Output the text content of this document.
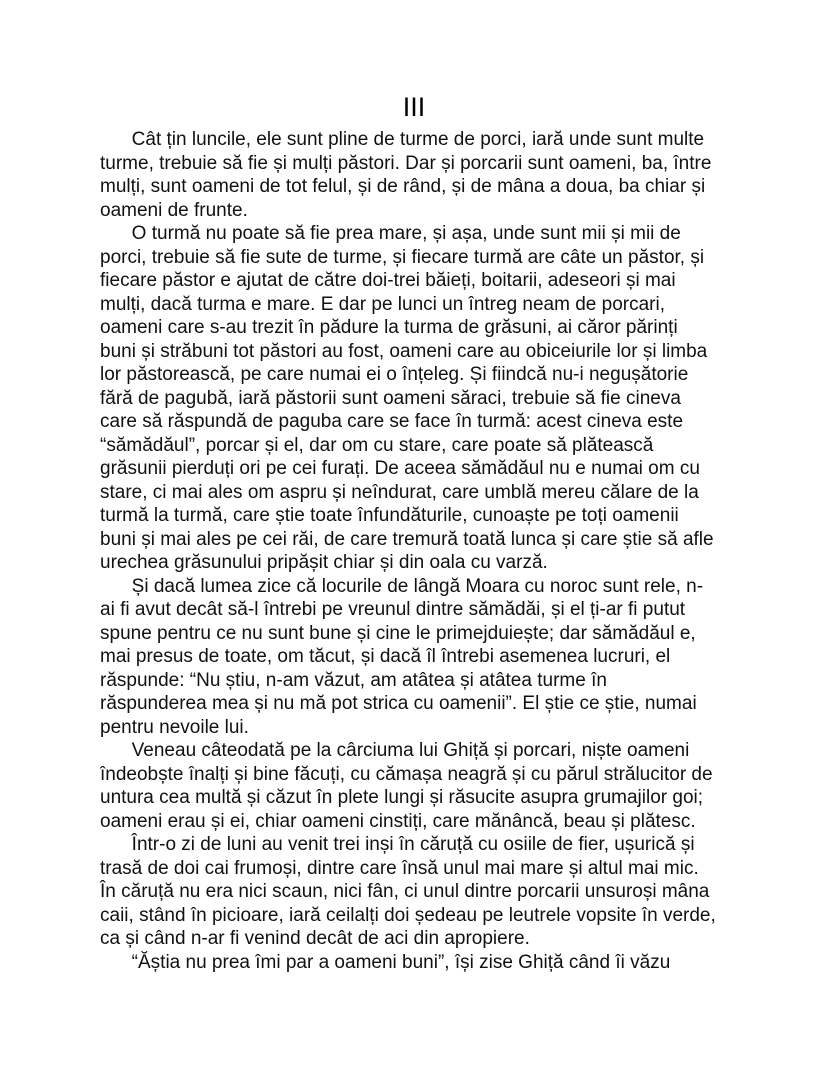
III
Cât țin luncile, ele sunt pline de turme de porci, iară unde sunt multe
turme, trebuie să fie și mulți păstori. Dar și porcarii sunt oameni, ba, între
mulți, sunt oameni de tot felul, și de rând, și de mâna a doua, ba chiar și
oameni de frunte.
O turmă nu poate să fie prea mare, și așa, unde sunt mii și mii de
porci, trebuie să fie sute de turme, și fiecare turmă are câte un păstor, și
fiecare păstor e ajutat de către doi-trei băieți, boitarii, adeseori și mai
mulți, dacă turma e mare. E dar pe lunci un întreg neam de porcari,
oameni care s-au trezit în pădure la turma de grăsuni, ai căror părinți
buni și străbuni tot păstori au fost, oameni care au obiceiurile lor și limba
lor păstorească, pe care numai ei o înțeleg. Și fiindcă nu-i negușătorie
fără de pagubă, iară păstorii sunt oameni săraci, trebuie să fie cineva
care să răspundă de paguba care se face în turmă: acest cineva este
“sămădăul”, porcar și el, dar om cu stare, care poate să plătească
grăsunii pierduți ori pe cei furați. De aceea sămădăul nu e numai om cu
stare, ci mai ales om aspru și neîndurat, care umblă mereu călare de la
turmă la turmă, care știe toate înfundăturile, cunoaște pe toți oamenii
buni și mai ales pe cei răi, de care tremură toată lunca și care știe să afle
urechea grăsunului pripășit chiar și din oala cu varză.
Și dacă lumea zice că locurile de lângă Moara cu noroc sunt rele, n-
ai fi avut decât să-l întrebi pe vreunul dintre sămădăi, și el ți-ar fi putut
spune pentru ce nu sunt bune și cine le primejduiește; dar sămădăul e,
mai presus de toate, om tăcut, și dacă îl întrebi asemenea lucruri, el
răspunde: “Nu știu, n-am văzut, am atâtea și atâtea turme în
răspunderea mea și nu mă pot strica cu oamenii”. El știe ce știe, numai
pentru nevoile lui.
Veneau câteodată pe la cârciuma lui Ghiță și porcari, niște oameni
îndeobște înalți și bine făcuți, cu cămașa neagră și cu părul strălucitor de
untura cea multă și căzut în plete lungi și răsucite asupra grumajilor goi;
oameni erau și ei, chiar oameni cinstiți, care mănâncă, beau și plătesc.
Într-o zi de luni au venit trei inși în căruță cu osiile de fier, ușurică și
trasă de doi cai frumoși, dintre care însă unul mai mare și altul mai mic.
În căruță nu era nici scaun, nici fân, ci unul dintre porcarii unsuroși mâna
caii, stând în picioare, iară ceilalți doi ședeau pe leutrele vopsite în verde,
ca și când n-ar fi venind decât de aci din apropiere.
“Ăștia nu prea îmi par a oameni buni”, își zise Ghiță când îi văzu
